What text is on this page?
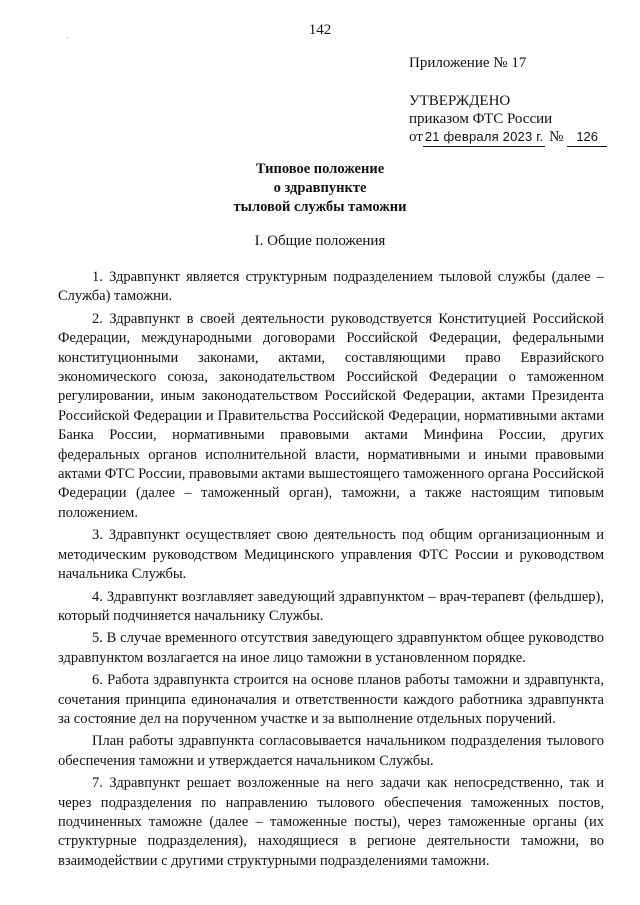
142
·
Приложение № 17
УТВЕРЖДЕНО
приказом ФТС России
от 21 февраля 2023 г. № 126
Типовое положение
о здравпункте
тыловой службы таможни
I. Общие положения

1. Здравпункт является структурным подразделением тыловой службы (далее – Служба) таможни.

2. Здравпункт в своей деятельности руководствуется Конституцией Российской Федерации, международными договорами Российской Федерации, федеральными конституционными законами, актами, составляющими право Евразийского экономического союза, законодательством Российской Федерации о таможенном регулировании, иным законодательством Российской Федерации, актами Президента Российской Федерации и Правительства Российской Федерации, нормативными актами Банка России, нормативными правовыми актами Минфина России, других федеральных органов исполнительной власти, нормативными и иными правовыми актами ФТС России, правовыми актами вышестоящего таможенного органа Российской Федерации (далее – таможенный орган), таможни, а также настоящим типовым положением.

3. Здравпункт осуществляет свою деятельность под общим организационным и методическим руководством Медицинского управления ФТС России и руководством начальника Службы.

4. Здравпункт возглавляет заведующий здравпунктом – врач-терапевт (фельдшер), который подчиняется начальнику Службы.

5. В случае временного отсутствия заведующего здравпунктом общее руководство здравпунктом возлагается на иное лицо таможни в установленном порядке.

6. Работа здравпункта строится на основе планов работы таможни и здравпункта, сочетания принципа единоначалия и ответственности каждого работника здравпункта за состояние дел на порученном участке и за выполнение отдельных поручений.

План работы здравпункта согласовывается начальником подразделения тылового обеспечения таможни и утверждается начальником Службы.

7. Здравпункт решает возложенные на него задачи как непосредственно, так и через подразделения по направлению тылового обеспечения таможенных постов, подчиненных таможне (далее – таможенные посты), через таможенные органы (их структурные подразделения), находящиеся в регионе деятельности таможни, во взаимодействии с другими структурными подразделениями таможни.
